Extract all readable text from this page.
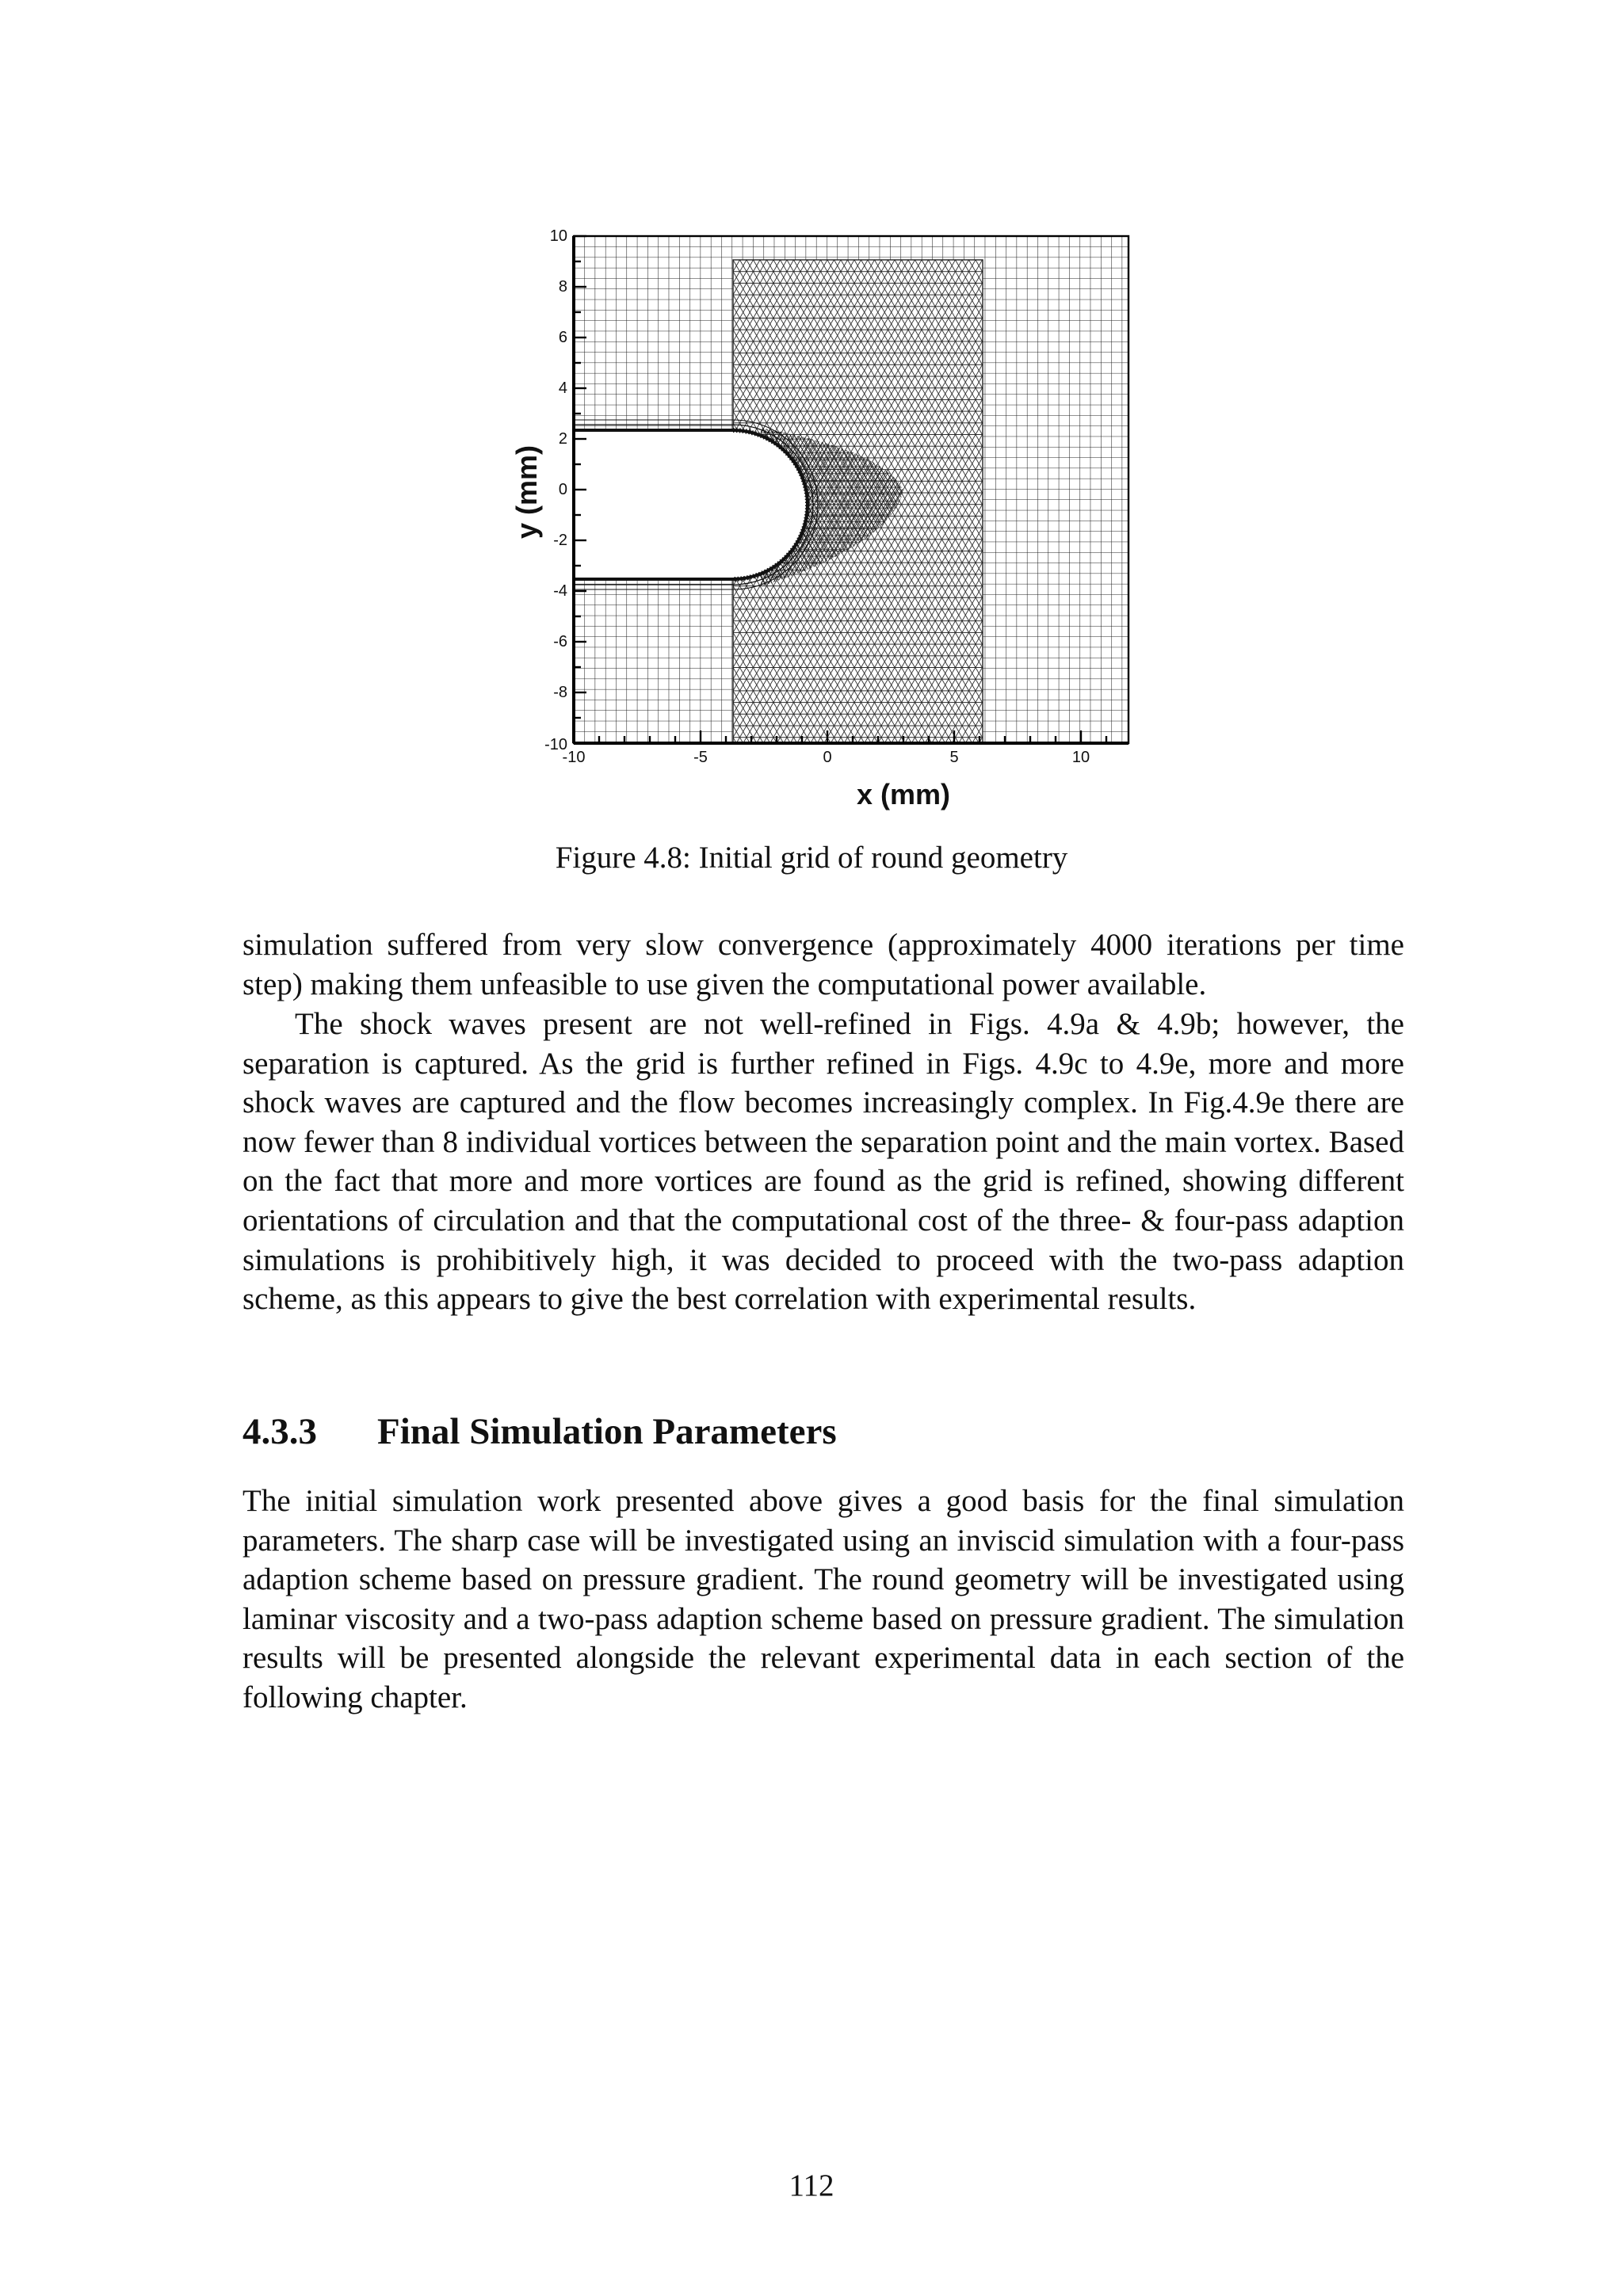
10
8
6
4
2
0
-2
-4
-6
-8
-10
-10	-5	0	5	10
x (mm)
y (mm)
Figure 4.8: Initial grid of round geometry

simulation suffered from very slow convergence (approximately 4000 iterations per time step) making them unfeasible to use given the computational power available.

The shock waves present are not well-refined in Figs. 4.9a & 4.9b; however, the separation is captured. As the grid is further refined in Figs. 4.9c to 4.9e, more and more shock waves are captured and the flow becomes increasingly complex. In Fig.4.9e there are now fewer than 8 individual vortices between the separation point and the main vortex. Based on the fact that more and more vortices are found as the grid is refined, showing different orientations of circulation and that the computational cost of the three- & four-pass adaption simulations is prohibitively high, it was decided to proceed with the two-pass adaption scheme, as this appears to give the best correlation with experimental results.

4.3.3 Final Simulation Parameters

The initial simulation work presented above gives a good basis for the final simulation parameters. The sharp case will be investigated using an inviscid simulation with a four-pass adaption scheme based on pressure gradient. The round geometry will be investigated using laminar viscosity and a two-pass adaption scheme based on pressure gradient. The simulation results will be presented alongside the relevant experimental data in each section of the following chapter.

112
